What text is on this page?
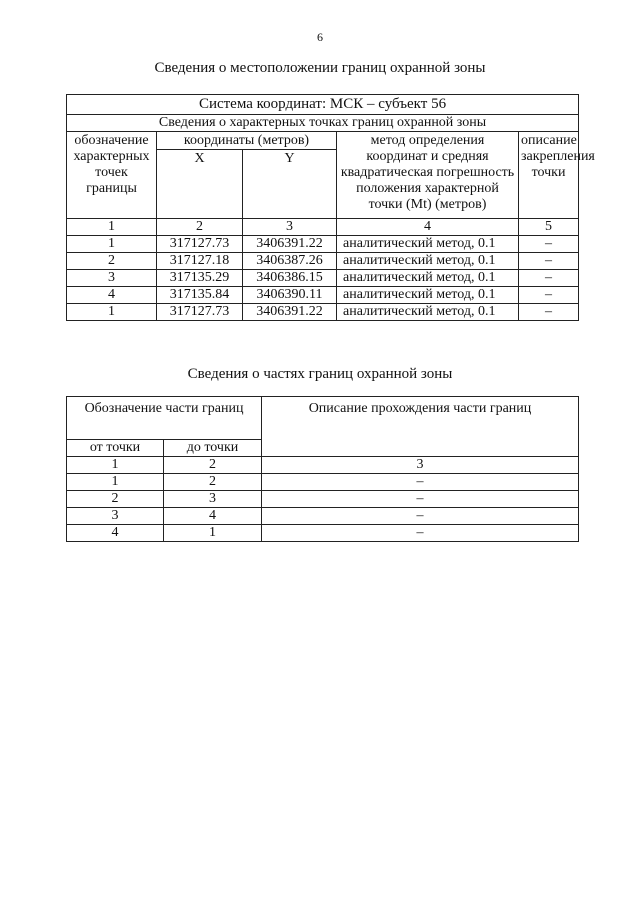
6
Сведения о местоположении границ охранной зоны
Система координат: МСК – субъект 56				
Сведения о характерных точках границ охранной зоны				
обозначение характерных точек границы	координаты (метров)		метод определения координат и средняя квадратическая погрешность положения характерной точки (Mt) (метров)	описание закрепления точки
	X	Y		
1	2	3	4	5
1	317127.73	3406391.22	аналитический метод, 0.1	–
2	317127.18	3406387.26	аналитический метод, 0.1	–
3	317135.29	3406386.15	аналитический метод, 0.1	–
4	317135.84	3406390.11	аналитический метод, 0.1	–
1	317127.73	3406391.22	аналитический метод, 0.1	–
Сведения о частях границ охранной зоны
Обозначение части границ		Описание прохождения части границ
от точки	до точки	
1	2	3
1	2	–
2	3	–
3	4	–
4	1	–
